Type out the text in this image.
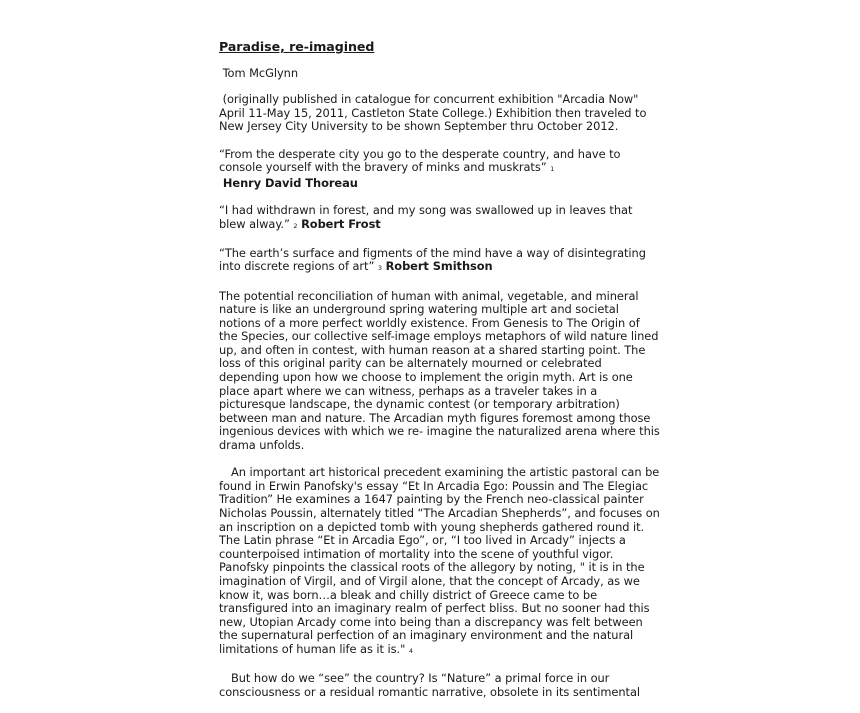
Paradise, re-imagined
Tom McGlynn

(originally published in catalogue for concurrent exhibition "Arcadia Now"
April 11-May 15, 2011, Castleton State College.) Exhibition then traveled to
New Jersey City University to be shown September thru October 2012.

“From the desperate city you go to the desperate country, and have to
console yourself with the bravery of minks and muskrats” 1
Henry David Thoreau

“I had withdrawn in forest, and my song was swallowed up in leaves that
blew alway.” 2 Robert Frost

“The earth’s surface and figments of the mind have a way of disintegrating
into discrete regions of art” 3 Robert Smithson

The potential reconciliation of human with animal, vegetable, and mineral
nature is like an underground spring watering multiple art and societal
notions of a more perfect worldly existence. From Genesis to The Origin of
the Species, our collective self-image employs metaphors of wild nature lined
up, and often in contest, with human reason at a shared starting point. The
loss of this original parity can be alternately mourned or celebrated
depending upon how we choose to implement the origin myth. Art is one
place apart where we can witness, perhaps as a traveler takes in a
picturesque landscape, the dynamic contest (or temporary arbitration)
between man and nature. The Arcadian myth figures foremost among those
ingenious devices with which we re- imagine the naturalized arena where this
drama unfolds.

An important art historical precedent examining the artistic pastoral can be
found in Erwin Panofsky's essay “Et In Arcadia Ego: Poussin and The Elegiac
Tradition” He examines a 1647 painting by the French neo-classical painter
Nicholas Poussin, alternately titled “The Arcadian Shepherds”, and focuses on
an inscription on a depicted tomb with young shepherds gathered round it.
The Latin phrase “Et in Arcadia Ego”, or, “I too lived in Arcady” injects a
counterpoised intimation of mortality into the scene of youthful vigor.
Panofsky pinpoints the classical roots of the allegory by noting, " it is in the
imagination of Virgil, and of Virgil alone, that the concept of Arcady, as we
know it, was born…a bleak and chilly district of Greece came to be
transfigured into an imaginary realm of perfect bliss. But no sooner had this
new, Utopian Arcady come into being than a discrepancy was felt between
the supernatural perfection of an imaginary environment and the natural
limitations of human life as it is." 4

But how do we “see” the country? Is “Nature” a primal force in our
consciousness or a residual romantic narrative, obsolete in its sentimental
